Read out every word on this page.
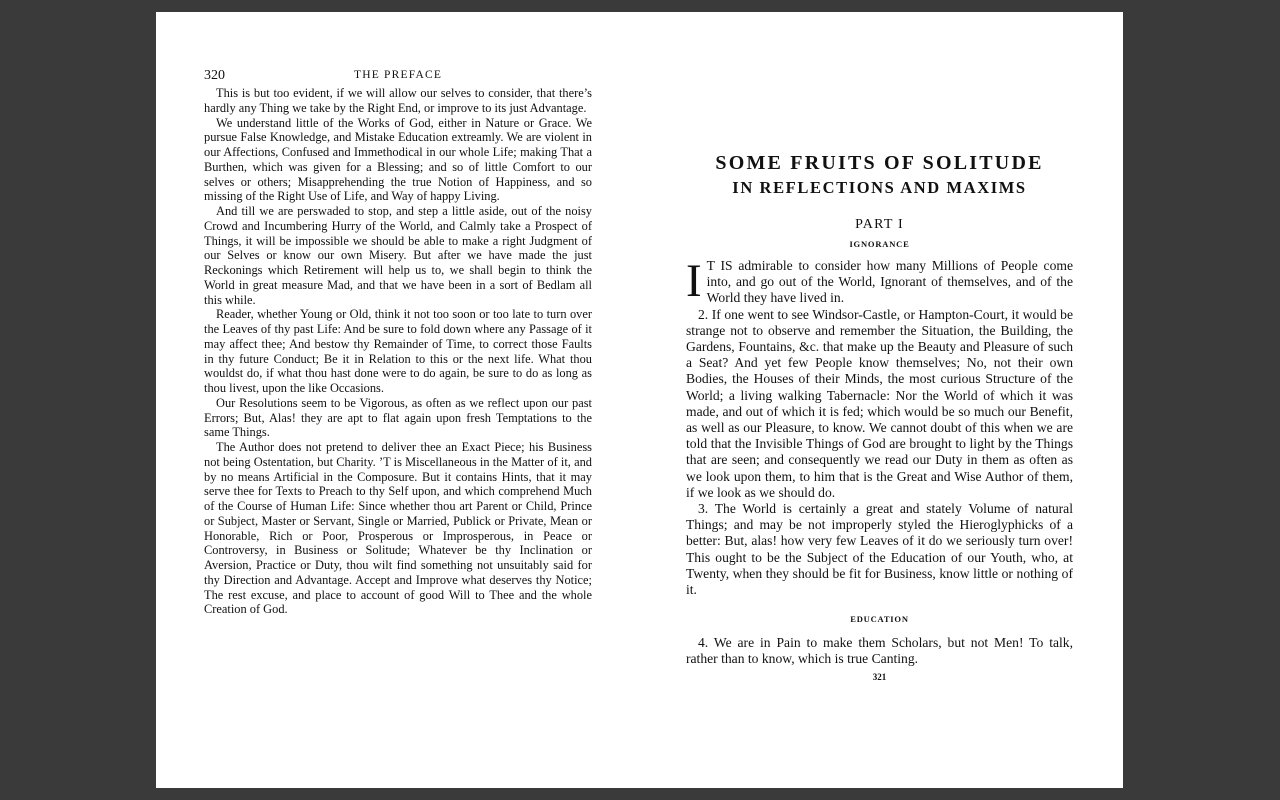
320	THE PREFACE

This is but too evident, if we will allow our selves to consider, that there’s hardly any Thing we take by the Right End, or improve to its just Advantage.

We understand little of the Works of God, either in Nature or Grace. We pursue False Knowledge, and Mistake Education extreamly. We are violent in our Affections, Confused and Immethodical in our whole Life; making That a Burthen, which was given for a Blessing; and so of little Comfort to our selves or others; Misapprehending the true Notion of Happiness, and so missing of the Right Use of Life, and Way of happy Living.

And till we are perswaded to stop, and step a little aside, out of the noisy Crowd and Incumbering Hurry of the World, and Calmly take a Prospect of Things, it will be impossible we should be able to make a right Judgment of our Selves or know our own Misery. But after we have made the just Reckonings which Retirement will help us to, we shall begin to think the World in great measure Mad, and that we have been in a sort of Bedlam all this while.

Reader, whether Young or Old, think it not too soon or too late to turn over the Leaves of thy past Life: And be sure to fold down where any Passage of it may affect thee; And bestow thy Remainder of Time, to correct those Faults in thy future Conduct; Be it in Relation to this or the next life. What thou wouldst do, if what thou hast done were to do again, be sure to do as long as thou livest, upon the like Occasions.

Our Resolutions seem to be Vigorous, as often as we reflect upon our past Errors; But, Alas! they are apt to flat again upon fresh Temptations to the same Things.

The Author does not pretend to deliver thee an Exact Piece; his Business not being Ostentation, but Charity. ’T is Miscellaneous in the Matter of it, and by no means Artificial in the Composure. But it contains Hints, that it may serve thee for Texts to Preach to thy Self upon, and which comprehend Much of the Course of Human Life: Since whether thou art Parent or Child, Prince or Subject, Master or Servant, Single or Married, Publick or Private, Mean or Honorable, Rich or Poor, Prosperous or Improsperous, in Peace or Controversy, in Business or Solitude; Whatever be thy Inclination or Aversion, Practice or Duty, thou wilt find something not unsuitably said for thy Direction and Advantage. Accept and Improve what deserves thy Notice; The rest excuse, and place to account of good Will to Thee and the whole Creation of God.

SOME FRUITS OF SOLITUDE
IN REFLECTIONS AND MAXIMS
PART I
IGNORANCE

I T IS admirable to consider how many Millions of People come into, and go out of the World, Ignorant of themselves, and of the World they have lived in.

2. If one went to see Windsor-Castle, or Hampton-Court, it would be strange not to observe and remember the Situation, the Building, the Gardens, Fountains, &c. that make up the Beauty and Pleasure of such a Seat? And yet few People know themselves; No, not their own Bodies, the Houses of their Minds, the most curious Structure of the World; a living walking Tabernacle: Nor the World of which it was made, and out of which it is fed; which would be so much our Benefit, as well as our Pleasure, to know. We cannot doubt of this when we are told that the Invisible Things of God are brought to light by the Things that are seen; and consequently we read our Duty in them as often as we look upon them, to him that is the Great and Wise Author of them, if we look as we should do.

3. The World is certainly a great and stately Volume of natural Things; and may be not improperly styled the Hieroglyphicks of a better: But, alas! how very few Leaves of it do we seriously turn over! This ought to be the Subject of the Education of our Youth, who, at Twenty, when they should be fit for Business, know little or nothing of it.

EDUCATION

4. We are in Pain to make them Scholars, but not Men! To talk, rather than to know, which is true Canting.

321
